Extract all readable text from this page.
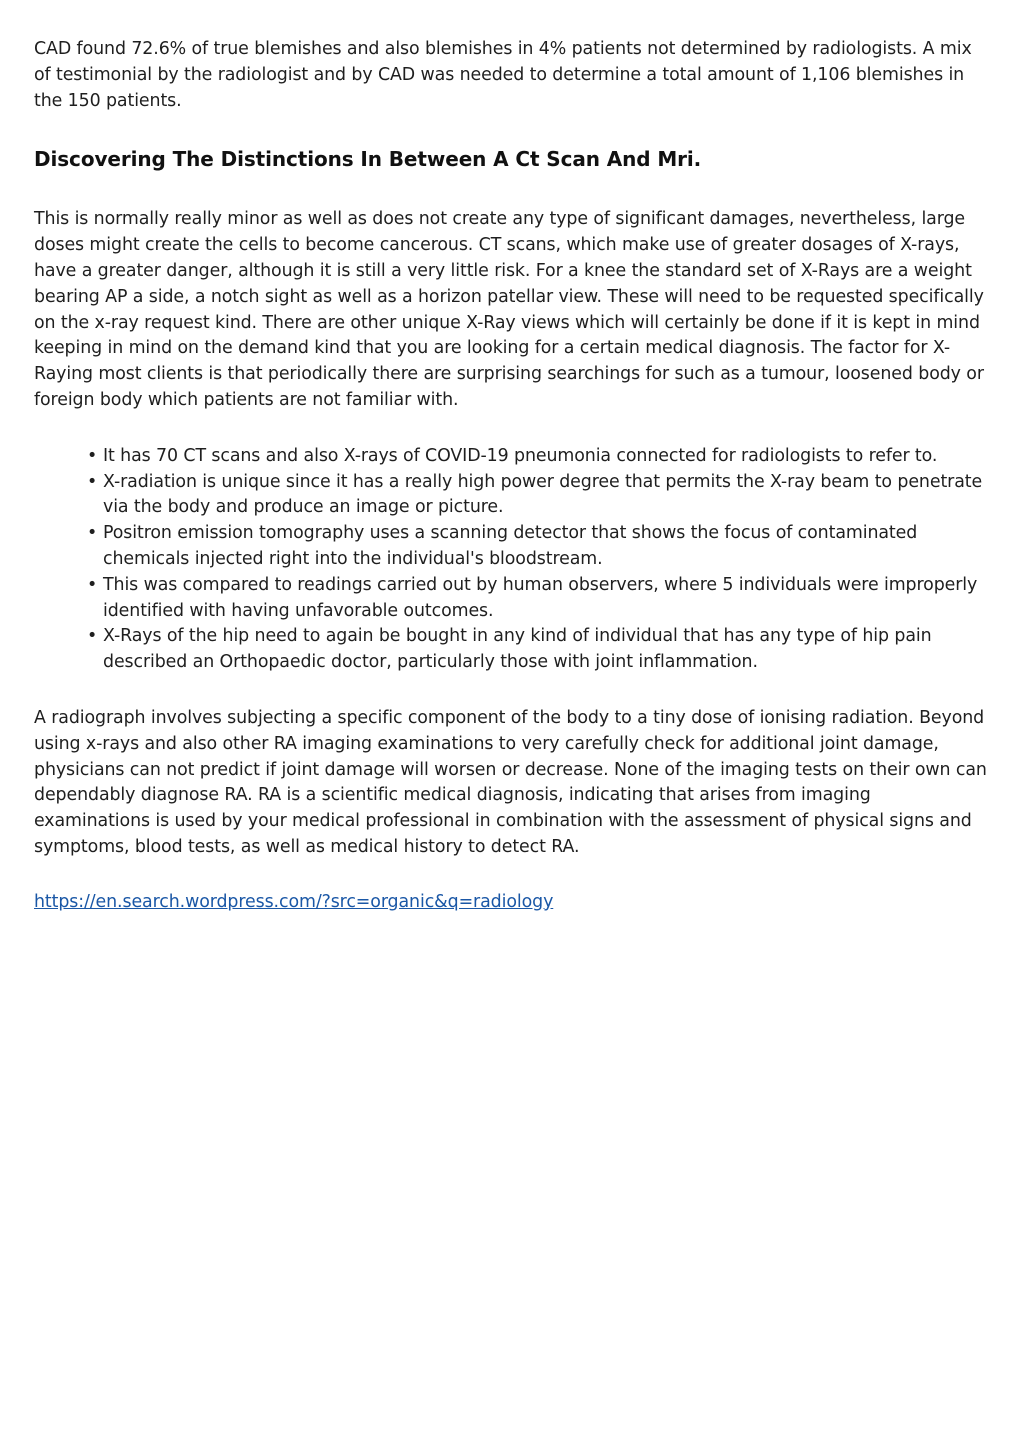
CAD found 72.6% of true blemishes and also blemishes in 4% patients not determined by radiologists. A mix of testimonial by the radiologist and by CAD was needed to determine a total amount of 1,106 blemishes in the 150 patients.

Discovering The Distinctions In Between A Ct Scan And Mri.

This is normally really minor as well as does not create any type of significant damages, nevertheless, large doses might create the cells to become cancerous. CT scans, which make use of greater dosages of X-rays, have a greater danger, although it is still a very little risk. For a knee the standard set of X-Rays are a weight bearing AP a side, a notch sight as well as a horizon patellar view. These will need to be requested specifically on the x-ray request kind. There are other unique X-Ray views which will certainly be done if it is kept in mind keeping in mind on the demand kind that you are looking for a certain medical diagnosis. The factor for X-Raying most clients is that periodically there are surprising searchings for such as a tumour, loosened body or foreign body which patients are not familiar with.

• It has 70 CT scans and also X-rays of COVID-19 pneumonia connected for radiologists to refer to.
• X-radiation is unique since it has a really high power degree that permits the X-ray beam to penetrate via the body and produce an image or picture.
• Positron emission tomography uses a scanning detector that shows the focus of contaminated chemicals injected right into the individual's bloodstream.
• This was compared to readings carried out by human observers, where 5 individuals were improperly identified with having unfavorable outcomes.
• X-Rays of the hip need to again be bought in any kind of individual that has any type of hip pain described an Orthopaedic doctor, particularly those with joint inflammation.

A radiograph involves subjecting a specific component of the body to a tiny dose of ionising radiation. Beyond using x-rays and also other RA imaging examinations to very carefully check for additional joint damage, physicians can not predict if joint damage will worsen or decrease. None of the imaging tests on their own can dependably diagnose RA. RA is a scientific medical diagnosis, indicating that arises from imaging examinations is used by your medical professional in combination with the assessment of physical signs and symptoms, blood tests, as well as medical history to detect RA.

https://en.search.wordpress.com/?src=organic&q=radiology
